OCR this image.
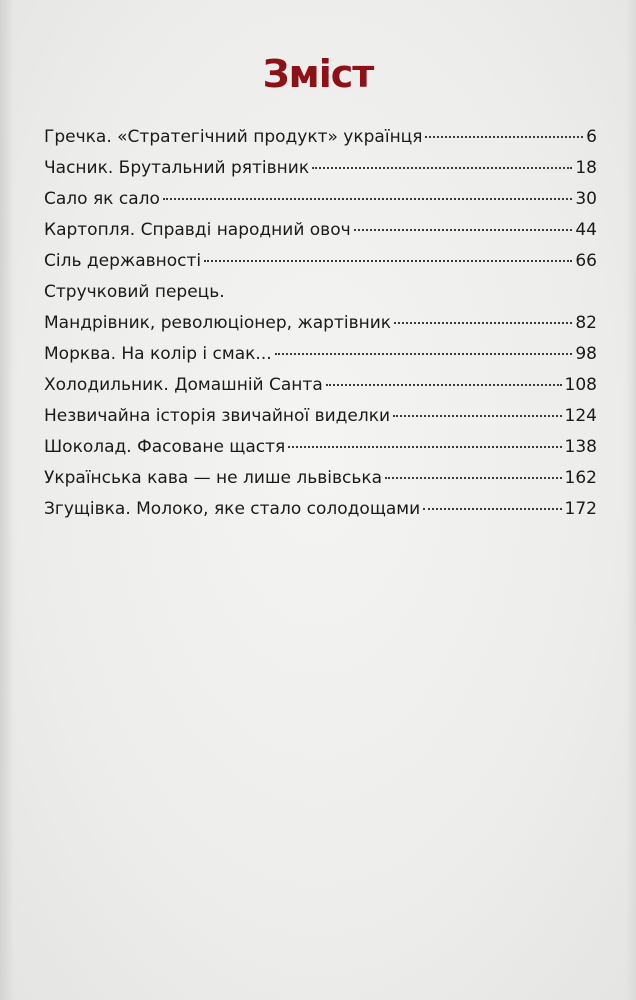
Зміст
Гречка. «Стратегічний продукт» українця	6
Часник. Брутальний рятівник	18
Сало як сало	30
Картопля. Справді народний овоч	44
Сіль державності	66
Стручковий перець.
Мандрівник, революціонер, жартівник	82
Морква. На колір і смак...	98
Холодильник. Домашній Санта	108
Незвичайна історія звичайної виделки	124
Шоколад. Фасоване щастя	138
Українська кава — не лише львівська	162
Згущівка. Молоко, яке стало солодощами	172
